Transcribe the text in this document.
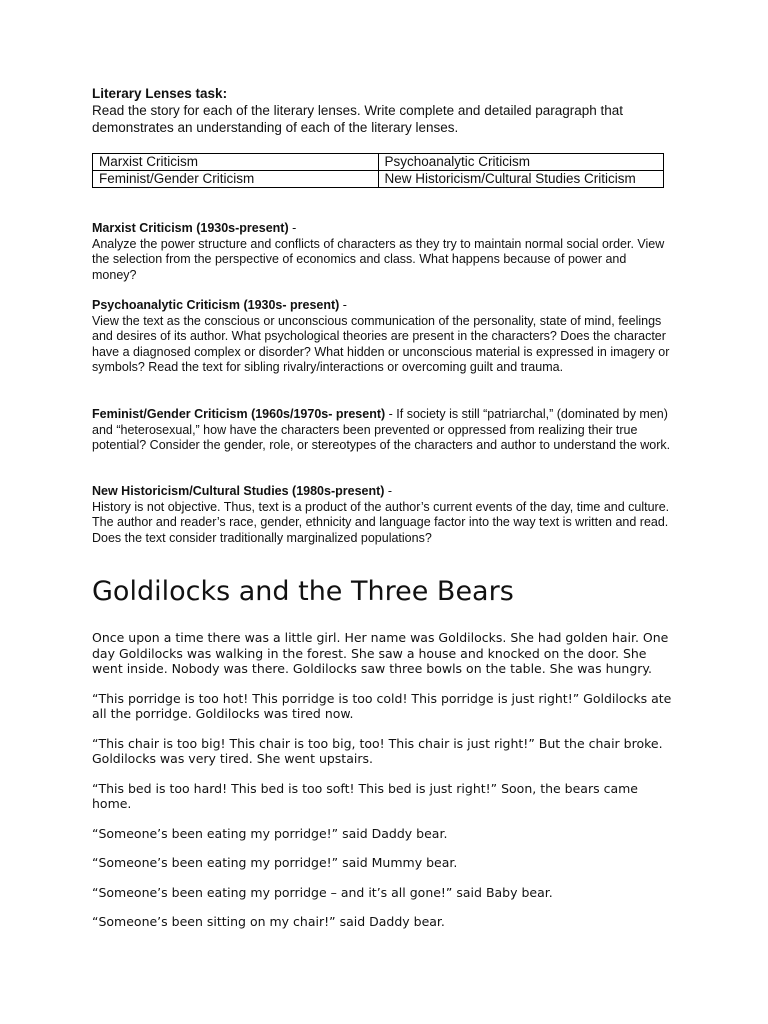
Literary Lenses task:

Read the story for each of the literary lenses. Write complete and detailed paragraph that demonstrates an understanding of each of the literary lenses.

Marxist Criticism	Psychoanalytic Criticism
Feminist/Gender Criticism	New Historicism/Cultural Studies Criticism

Marxist Criticism (1930s-present) -

Analyze the power structure and conflicts of characters as they try to maintain normal social order. View the selection from the perspective of economics and class. What happens because of power and money?

Psychoanalytic Criticism (1930s- present) -

View the text as the conscious or unconscious communication of the personality, state of mind, feelings and desires of its author. What psychological theories are present in the characters? Does the character have a diagnosed complex or disorder? What hidden or unconscious material is expressed in imagery or symbols? Read the text for sibling rivalry/interactions or overcoming guilt and trauma.

Feminist/Gender Criticism (1960s/1970s- present) - If society is still “patriarchal,” (dominated by men) and “heterosexual,” how have the characters been prevented or oppressed from realizing their true potential? Consider the gender, role, or stereotypes of the characters and author to understand the work.

New Historicism/Cultural Studies (1980s-present) -

History is not objective. Thus, text is a product of the author’s current events of the day, time and culture. The author and reader’s race, gender, ethnicity and language factor into the way text is written and read. Does the text consider traditionally marginalized populations?

Goldilocks and the Three Bears

Once upon a time there was a little girl. Her name was Goldilocks. She had golden hair. One day Goldilocks was walking in the forest. She saw a house and knocked on the door. She went inside. Nobody was there. Goldilocks saw three bowls on the table. She was hungry.

“This porridge is too hot! This porridge is too cold! This porridge is just right!” Goldilocks ate all the porridge. Goldilocks was tired now.

“This chair is too big! This chair is too big, too! This chair is just right!” But the chair broke. Goldilocks was very tired. She went upstairs.

“This bed is too hard! This bed is too soft! This bed is just right!” Soon, the bears came home.

“Someone’s been eating my porridge!” said Daddy bear.

“Someone’s been eating my porridge!” said Mummy bear.

“Someone’s been eating my porridge – and it’s all gone!” said Baby bear.

“Someone’s been sitting on my chair!” said Daddy bear.
